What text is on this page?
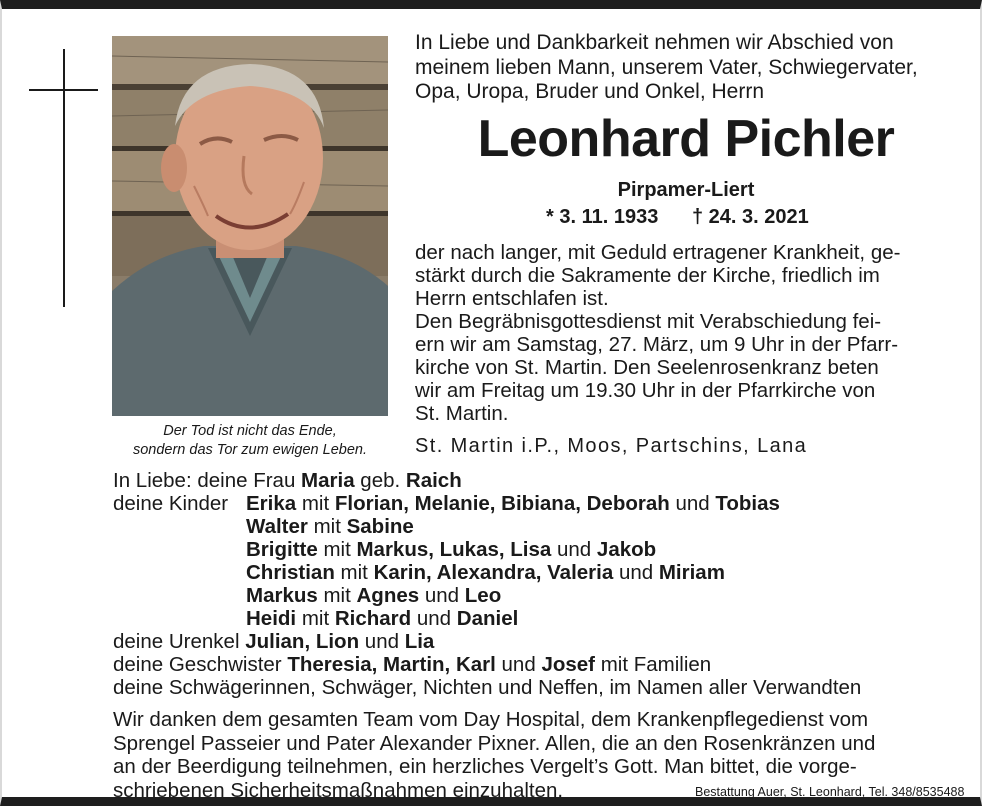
Der Tod ist nicht das Ende,
sondern das Tor zum ewigen Leben.
In Liebe und Dankbarkeit nehmen wir Abschied von
meinem lieben Mann, unserem Vater, Schwiegervater,
Opa, Uropa, Bruder und Onkel, Herrn
Leonhard Pichler
Pirpamer-Liert
* 3. 11. 1933 † 24. 3. 2021
der nach langer, mit Geduld ertragener Krankheit, ge-
stärkt durch die Sakramente der Kirche, friedlich im
Herrn entschlafen ist.
Den Begräbnisgottesdienst mit Verabschiedung fei-
ern wir am Samstag, 27. März, um 9 Uhr in der Pfarr-
kirche von St. Martin. Den Seelenrosenkranz beten
wir am Freitag um 19.30 Uhr in der Pfarrkirche von
St. Martin.
St. Martin i.P., Moos, Partschins, Lana
In Liebe: deine Frau Maria geb. Raich
deine Kinder Erika mit Florian, Melanie, Bibiana, Deborah und Tobias
Walter mit Sabine
Brigitte mit Markus, Lukas, Lisa und Jakob
Christian mit Karin, Alexandra, Valeria und Miriam
Markus mit Agnes und Leo
Heidi mit Richard und Daniel
deine Urenkel Julian, Lion und Lia
deine Geschwister Theresia, Martin, Karl und Josef mit Familien
deine Schwägerinnen, Schwäger, Nichten und Neffen, im Namen aller Verwandten
Wir danken dem gesamten Team vom Day Hospital, dem Krankenpflegedienst vom
Sprengel Passeier und Pater Alexander Pixner. Allen, die an den Rosenkränzen und
an der Beerdigung teilnehmen, ein herzliches Vergelt’s Gott. Man bittet, die vorge-
schriebenen Sicherheitsmaßnahmen einzuhalten.	Bestattung Auer, St. Leonhard, Tel. 348/8535488
